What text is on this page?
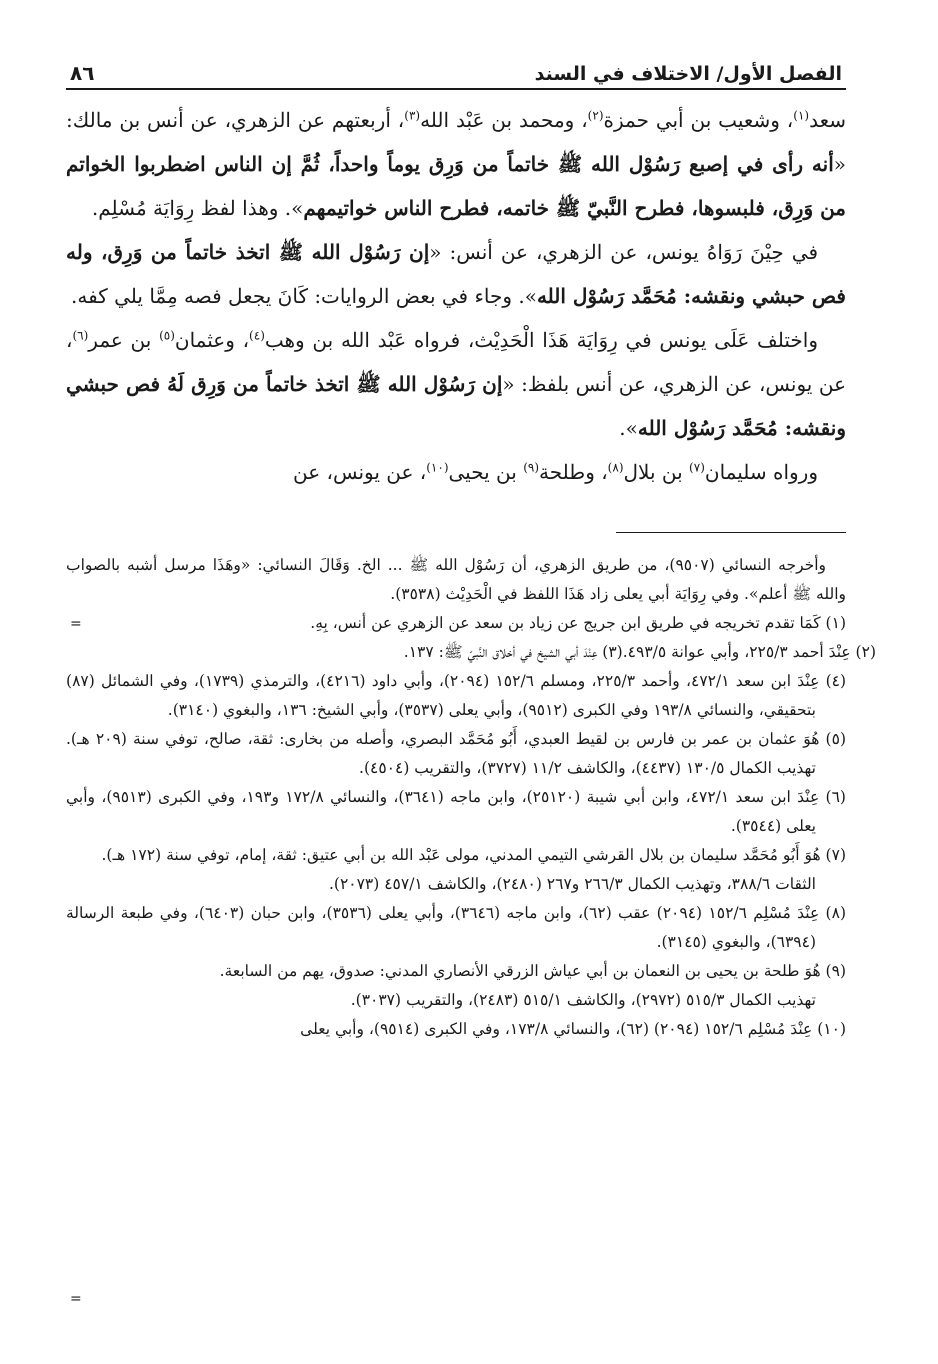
الفصل الأول/ الاختلاف في السند
٨٦

سعد$^{(١)}$، وشعيب بن أبي حمزة$^{(٢)}$، ومحمد بن عَبْد الله$^{(٣)}$، أربعتهم عن الزهري، عن أنس بن مالك: «أنه رأى في إصبع رَسُوْل الله ﷺ خاتماً من وَرِق يوماً واحداً، ثُمَّ إن الناس اضطربوا الخواتم من وَرِق، فلبسوها، فطرح النَّبيّ ﷺ خاتمه، فطرح الناس خواتيمهم». وهذا لفظ رِوَايَة مُسْلِم.

في حِيْنَ رَوَاهُ يونس، عن الزهري، عن أنس: «إن رَسُوْل الله ﷺ اتخذ خاتماً من وَرِق، وله فص حبشي ونقشه: مُحَمَّد رَسُوْل الله». وجاء في بعض الروايات: كَانَ يجعل فصه مِمَّا يلي كفه.

واختلف عَلَى يونس في رِوَايَة هَذَا الْحَدِيْث، فرواه عَبْد الله بن وهب$^{(٤)}$، وعثمان$^{(٥)}$ بن عمر$^{(٦)}$، عن يونس، عن الزهري، عن أنس بلفظ: «إن رَسُوْل الله ﷺ اتخذ خاتماً من وَرِق لَهُ فص حبشي ونقشه: مُحَمَّد رَسُوْل الله».

ورواه سليمان$^{(٧)}$ بن بلال$^{(٨)}$، وطلحة$^{(٩)}$ بن يحيى$^{(١٠)}$، عن يونس، عن

وأخرجه النسائي (٩٥٠٧)، من طريق الزهري، أن رَسُوْل الله ﷺ ... الخ. وَقَالَ النسائي: «وهَذَا مرسل أشبه بالصواب والله ﷺ أعلم». وفي رِوَايَة أبي يعلى زاد هَذَا اللفظ في الْحَدِيْث (٣٥٣٨).

(١) كَمَا تقدم تخريجه في طريق ابن جريج عن زياد بن سعد عن الزهري عن أنس، بِهِ.

(٢) عِنْدَ أحمد ٢٢٥/٣، وأبي عوانة ٤٩٣/٥.(٣) عِنْدَ أبي الشيخ في أخلاق النَّبيّ ﷺ: ١٣٧.

(٤) عِنْدَ ابن سعد ٤٧٢/١، وأحمد ٢٢٥/٣، ومسلم ١٥٢/٦ (٢٠٩٤)، وأبي داود (٤٢١٦)، والترمذي (١٧٣٩)، وفي الشمائل (٨٧) بتحقيقي، والنسائي ١٩٣/٨ وفي الكبرى (٩٥١٢)، وأبي يعلى (٣٥٣٧)، وأبي الشيخ: ١٣٦، والبغوي (٣١٤٠).

(٥) هُوَ عثمان بن عمر بن فارس بن لقيط العبدي، أَبُو مُحَمَّد البصري، وأصله من بخارى: ثقة، صالح، توفي سنة (٢٠٩ هـ). تهذيب الكمال ١٣٠/٥ (٤٤٣٧)، والكاشف ١١/٢ (٣٧٢٧)، والتقريب (٤٥٠٤).

(٦) عِنْدَ ابن سعد ٤٧٢/١، وابن أبي شيبة (٢٥١٢٠)، وابن ماجه (٣٦٤١)، والنسائي ١٧٢/٨ و١٩٣، وفي الكبرى (٩٥١٣)، وأبي يعلى (٣٥٤٤).

(٧) هُوَ أَبُو مُحَمَّد سليمان بن بلال القرشي التيمي المدني، مولى عَبْد الله بن أبي عتيق: ثقة، إمام، توفي سنة (١٧٢ هـ).

الثقات ٣٨٨/٦، وتهذيب الكمال ٢٦٦/٣ و٢٦٧ (٢٤٨٠)، والكاشف ٤٥٧/١ (٢٠٧٣).

(٨) عِنْدَ مُسْلِم ١٥٢/٦ (٢٠٩٤) عقب (٦٢)، وابن ماجه (٣٦٤٦)، وأبي يعلى (٣٥٣٦)، وابن حبان (٦٤٠٣)، وفي طبعة الرسالة (٦٣٩٤)، والبغوي (٣١٤٥).

(٩) هُوَ طلحة بن يحيى بن النعمان بن أبي عياش الزرقي الأنصاري المدني: صدوق، يهم من السابعة.

تهذيب الكمال ٥١٥/٣ (٢٩٧٢)، والكاشف ٥١٥/١ (٢٤٨٣)، والتقريب (٣٠٣٧).

(١٠) عِنْدَ مُسْلِم ١٥٢/٦ (٢٠٩٤) (٦٢)، والنسائي ١٧٣/٨، وفي الكبرى (٩٥١٤)، وأبي يعلى

=
=
